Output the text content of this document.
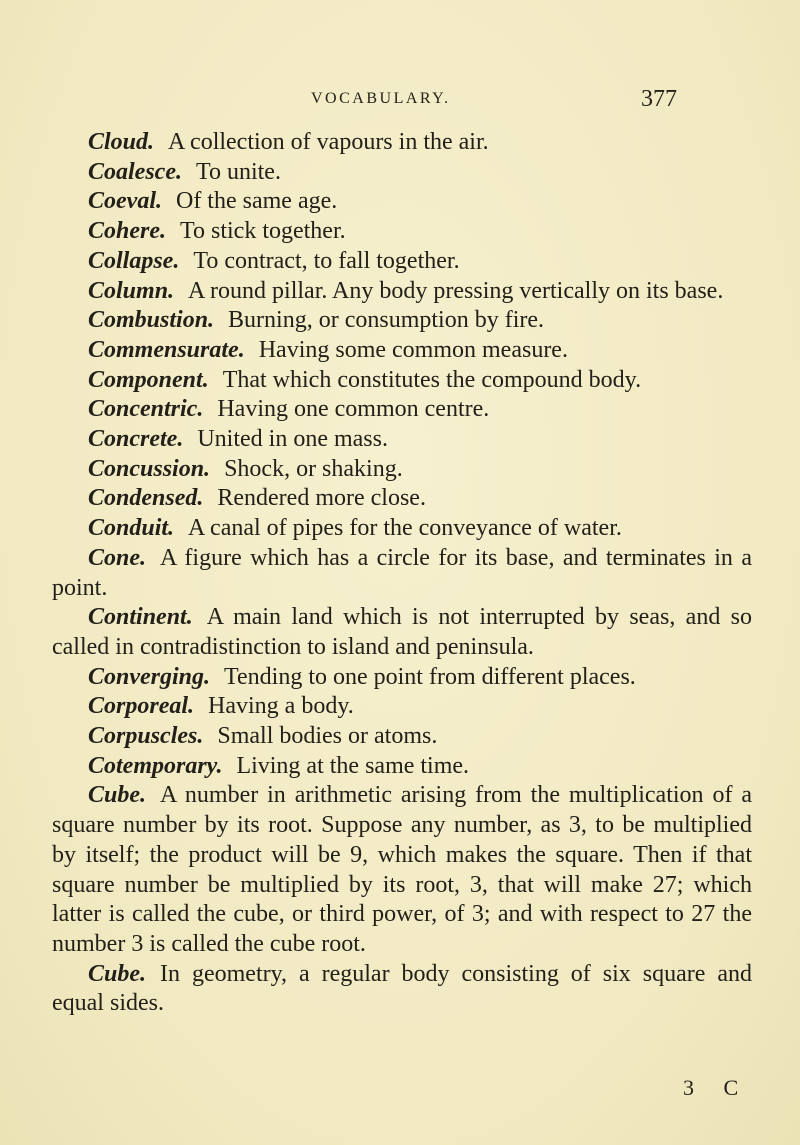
VOCABULARY.	377

Cloud. A collection of vapours in the air.

Coalesce. To unite.

Coeval. Of the same age.

Cohere. To stick together.

Collapse. To contract, to fall together.

Column. A round pillar. Any body pressing vertically on its base.

Combustion. Burning, or consumption by fire.

Commensurate. Having some common measure.

Component. That which constitutes the compound body.

Concentric. Having one common centre.

Concrete. United in one mass.

Concussion. Shock, or shaking.

Condensed. Rendered more close.

Conduit. A canal of pipes for the conveyance of water.

Cone. A figure which has a circle for its base, and terminates in a point.

Continent. A main land which is not interrupted by seas, and so called in contradistinction to island and peninsula.

Converging. Tending to one point from different places.

Corporeal. Having a body.

Corpuscles. Small bodies or atoms.

Cotemporary. Living at the same time.

Cube. A number in arithmetic arising from the multiplication of a square number by its root. Suppose any number, as 3, to be multiplied by itself; the product will be 9, which makes the square. Then if that square number be multiplied by its root, 3, that will make 27; which latter is called the cube, or third power, of 3; and with respect to 27 the number 3 is called the cube root.

Cube. In geometry, a regular body consisting of six square and equal sides.

3 C
